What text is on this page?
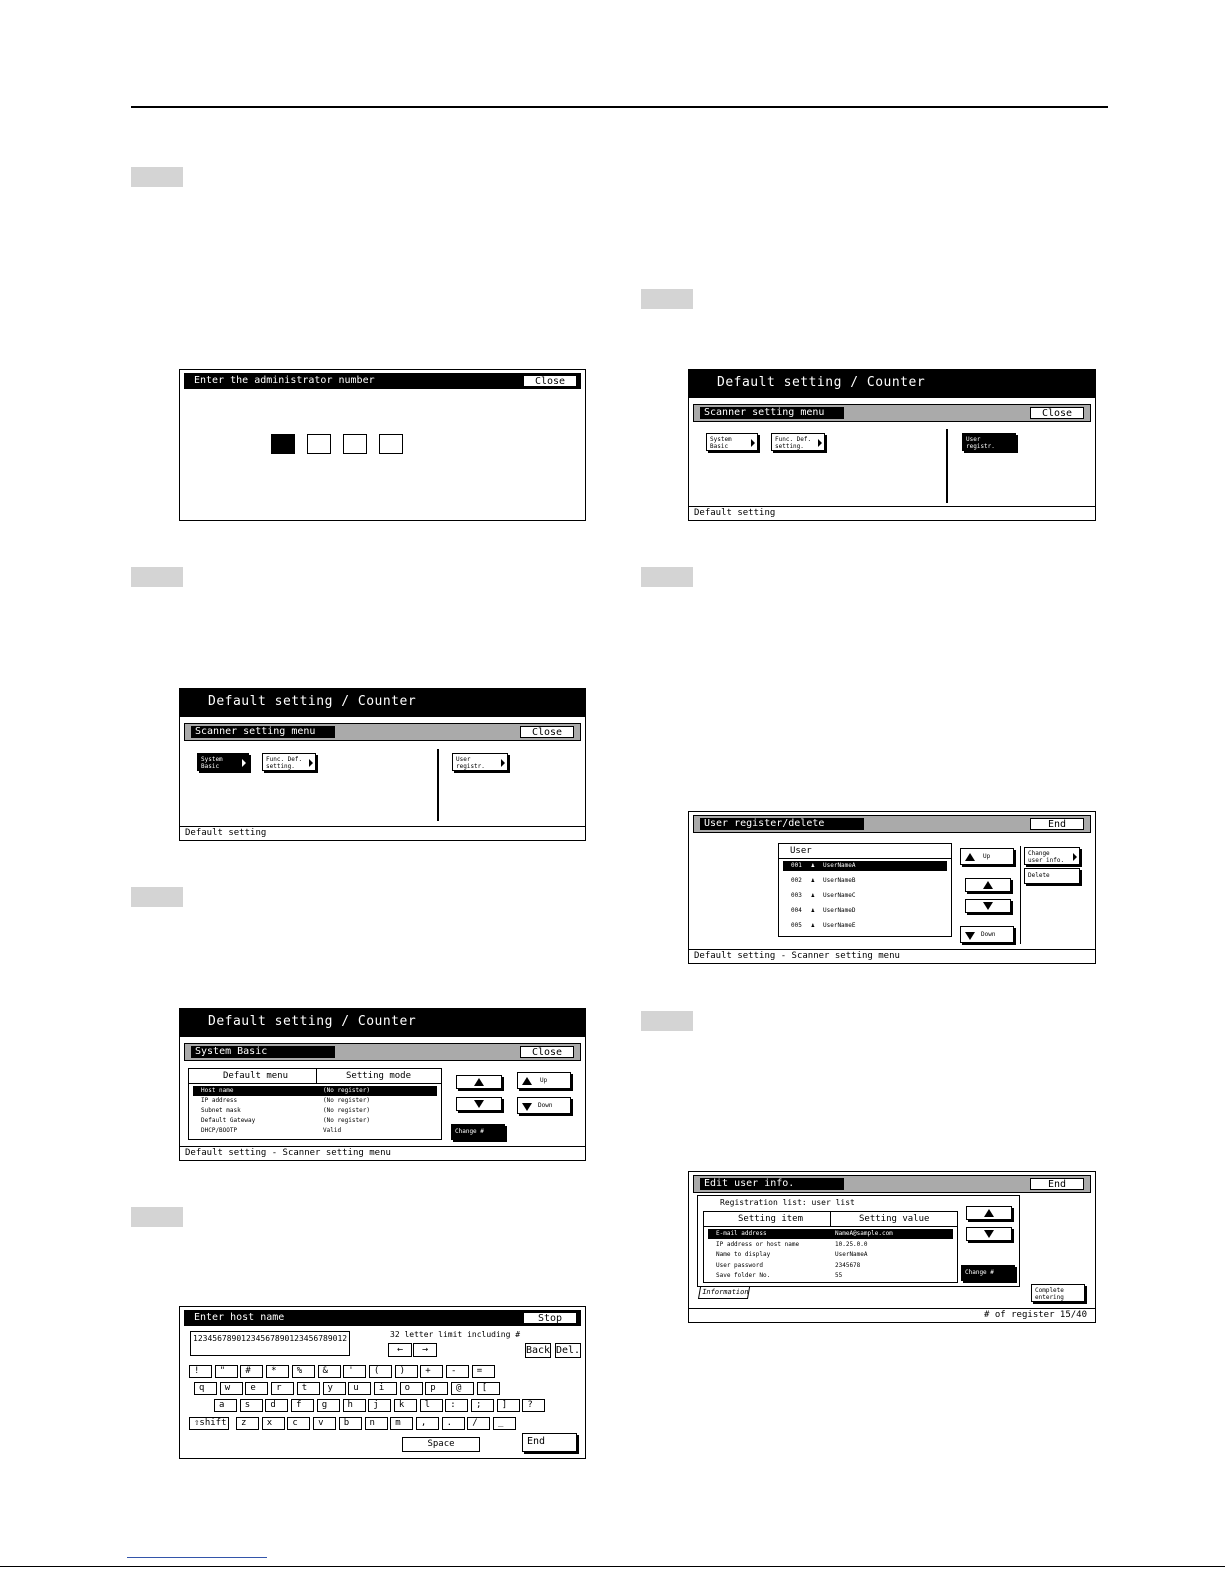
Enter the administrator number	Close
Default setting / Counter
Scanner setting menu	Close
System
Basic
Func. Def.
setting.
User
registr.
Default setting
Default setting / Counter
System Basic	Close
Default menu	Setting mode
Host name	(No register)
IP address	(No register)
Subnet mask	(No register)
Default Gateway	(No register)
DHCP/BOOTP	Valid
Up
Down
Change #
Default setting - Scanner setting menu
Enter host name	Stop
12345678901234567890123456789012	32 letter limit including #
←	→	Back Del.
!	"	#	*	%	&	'	(	)	+	-	=
q	w	e	r	t	y	u	i	o	p	@	[
a	s	d	f	g	h	j	k	l	:	;	]	?
z	x	c	v	b	n	m	,	.	/	_
⇧shift
Space	End
Default setting / Counter
Scanner setting menu	Close
System
Basic
Func. Def.
setting.
User
registr.
Default setting
User register/delete	End
User
001 ♟ UserNameA
002 ♟ UserNameB
003 ♟ UserNameC
004 ♟ UserNameD
005 ♟ UserNameE
Up
Down
Change
user info.
Delete
Default setting - Scanner setting menu
Edit user info.	End
Registration list: user list
Setting item	Setting value
E-mail address	NameA@sample.com
IP address or host name	10.25.0.0
Name to display	UserNameA
User password	2345678
Save folder No.	55	Change #
Information	Complete
entering
# of register 15/40
